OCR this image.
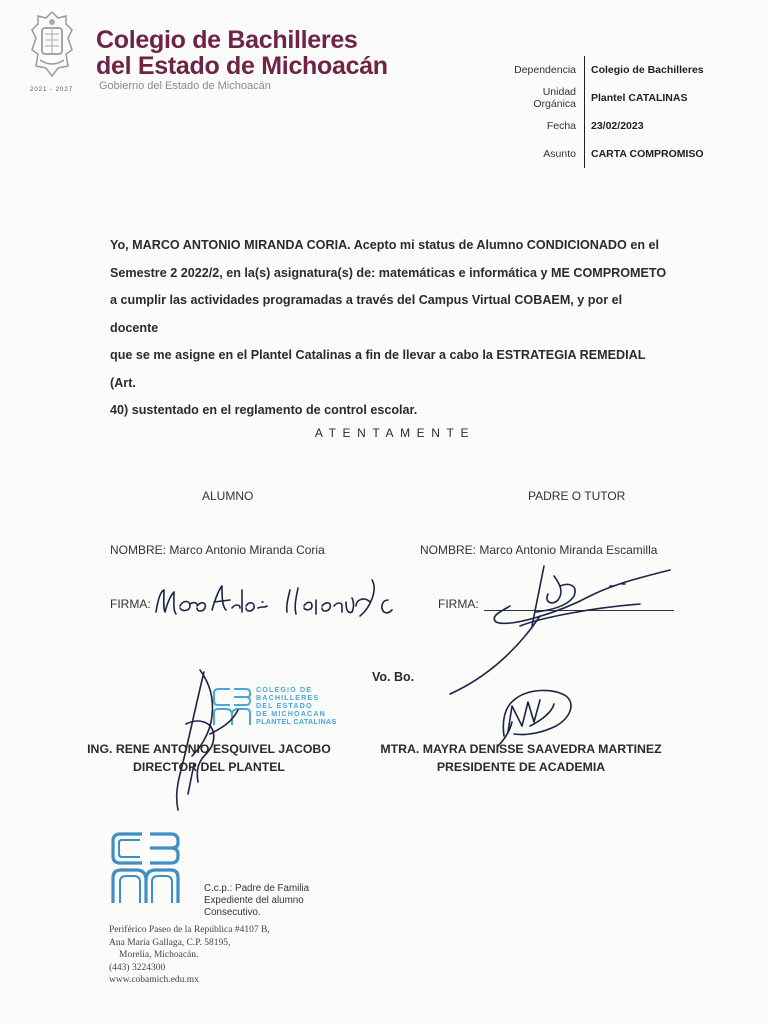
2021 - 2027
Colegio de Bachilleres
del Estado de Michoacán
Gobierno del Estado de Michoacán
Dependencia	Colegio de Bachilleres
Unidad Orgánica	Plantel CATALINAS
Fecha	23/02/2023
Asunto	CARTA COMPROMISO
Yo, MARCO ANTONIO MIRANDA CORIA. Acepto mi status de Alumno CONDICIONADO en el
Semestre 2 2022/2, en la(s) asignatura(s) de: matemáticas e informática y ME COMPROMETO
a cumplir las actividades programadas a través del Campus Virtual COBAEM, y por el docente
que se me asigne en el Plantel Catalinas a fin de llevar a cabo la ESTRATEGIA REMEDIAL (Art.
40) sustentado en el reglamento de control escolar.
ATENTAMENTE
ALUMNO	PADRE O TUTOR
NOMBRE: Marco Antonio Miranda Coria	NOMBRE: Marco Antonio Miranda Escamilla
FIRMA:	FIRMA:
Vo. Bo.
COLEGIO DE
BACHILLERES
DEL ESTADO
DE MICHOACAN
PLANTEL CATALINAS
ING. RENE ANTONIO ESQUIVEL JACOBO
DIRECTOR DEL PLANTEL
MTRA. MAYRA DENISSE SAAVEDRA MARTINEZ
PRESIDENTE DE ACADEMIA
C.c.p.: Padre de Familia
Expediente del alumno
Consecutivo.
Periférico Paseo de la República #4107 B,
Ana María Gallaga, C.P. 58195,
Morelia, Michoacán.
(443) 3224300
www.cobamich.edu.mx
